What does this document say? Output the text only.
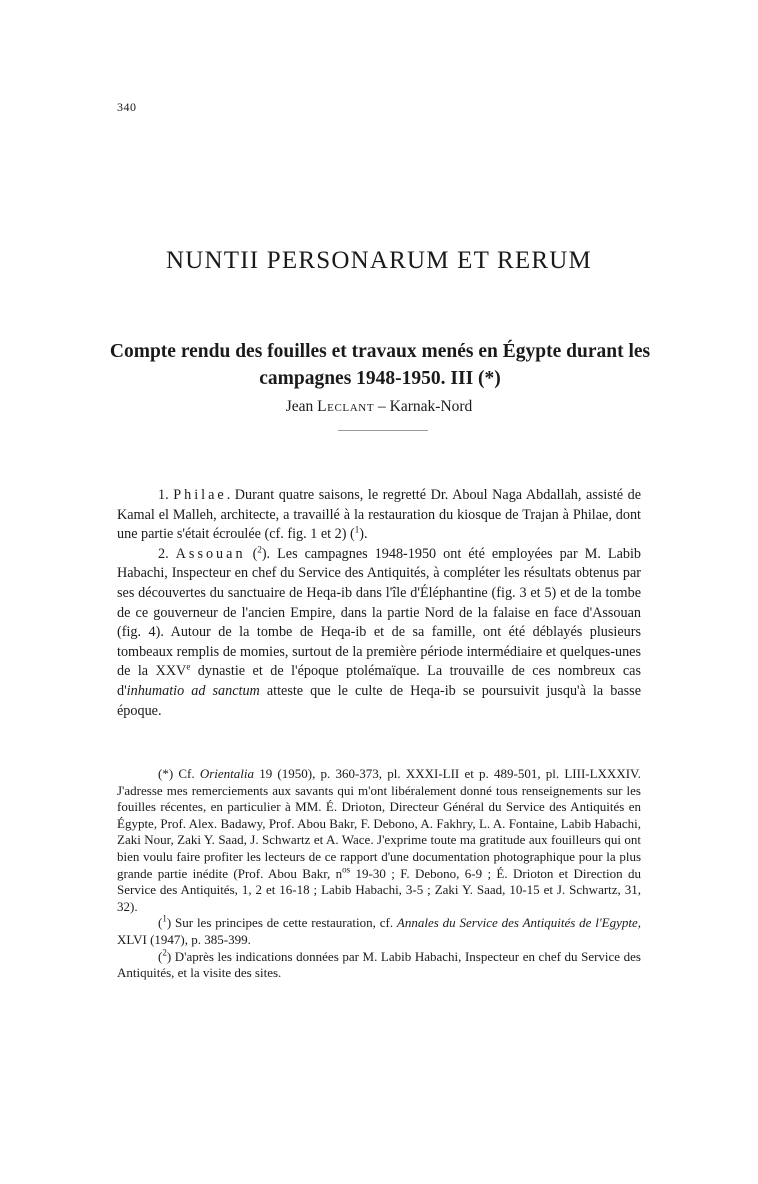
340
NUNTII PERSONARUM ET RERUM
Compte rendu des fouilles et travaux menés en Égypte durant les campagnes 1948-1950. III (*)
Jean Leclant – Karnak-Nord

1. Philae. Durant quatre saisons, le regretté Dr. Aboul Naga Abdallah, assisté de Kamal el Malleh, architecte, a travaillé à la restauration du kiosque de Trajan à Philae, dont une partie s'était écroulée (cf. fig. 1 et 2) ($^1$).

2. Assouan ($^2$). Les campagnes 1948-1950 ont été employées par M. Labib Habachi, Inspecteur en chef du Service des Antiquités, à compléter les résultats obtenus par ses découvertes du sanctuaire de Heqa-ib dans l'île d'Éléphantine (fig. 3 et 5) et de la tombe de ce gouverneur de l'ancien Empire, dans la partie Nord de la falaise en face d'Assouan (fig. 4). Autour de la tombe de Heqa-ib et de sa famille, ont été déblayés plusieurs tombeaux remplis de momies, surtout de la première période intermédiaire et quelques-unes de la XXVe dynastie et de l'époque ptolémaïque. La trouvaille de ces nombreux cas d'inhumatio ad sanctum atteste que le culte de Heqa-ib se poursuivit jusqu'à la basse époque.

(*) Cf. Orientalia 19 (1950), p. 360-373, pl. XXXI-LII et p. 489-501, pl. LIII-LXXXIV. J'adresse mes remerciements aux savants qui m'ont libéralement donné tous renseignements sur les fouilles récentes, en particulier à MM. É. Drioton, Directeur Général du Service des Antiquités en Égypte, Prof. Alex. Badawy, Prof. Abou Bakr, F. Debono, A. Fakhry, L. A. Fontaine, Labib Habachi, Zaki Nour, Zaki Y. Saad, J. Schwartz et A. Wace. J'exprime toute ma gratitude aux fouilleurs qui ont bien voulu faire profiter les lecteurs de ce rapport d'une documentation photographique pour la plus grande partie inédite (Prof. Abou Bakr, $n^{os}$ 19-30 ; F. Debono, 6-9 ; É. Drioton et Direction du Service des Antiquités, 1, 2 et 16-18 ; Labib Habachi, 3-5 ; Zaki Y. Saad, 10-15 et J. Schwartz, 31, 32).

($^1$) Sur les principes de cette restauration, cf. Annales du Service des Antiquités de l'Egypte, XLVI (1947), p. 385-399.

($^2$) D'après les indications données par M. Labib Habachi, Inspecteur en chef du Service des Antiquités, et la visite des sites.
